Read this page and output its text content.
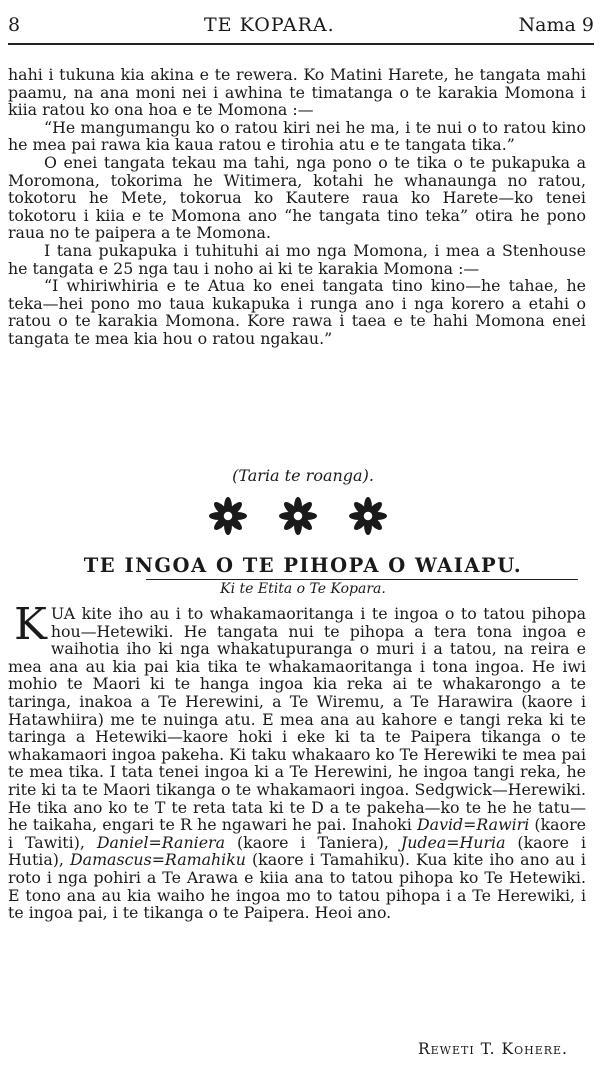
8	TE KOPARA.	Nama 9

hahi i tukuna kia akina e te rewera. Ko Matini Harete, he tangata mahi paamu, na ana moni nei i awhina te timatanga o te karakia Momona i kiia ratou ko ona hoa e te Momona :—

“He mangumangu ko o ratou kiri nei he ma, i te nui o to ratou kino he mea pai rawa kia kaua ratou e tirohia atu e te tangata tika.”

O enei tangata tekau ma tahi, nga pono o te tika o te pukapuka a Moromona, tokorima he Witimera, kotahi he whanaunga no ratou, tokotoru he Mete, tokorua ko Kautere raua ko Harete—ko tenei tokotoru i kiia e te Momona ano “he tangata tino teka” otira he pono raua no te paipera a te Momona.

I tana pukapuka i tuhituhi ai mo nga Momona, i mea a Stenhouse he tangata e 25 nga tau i noho ai ki te karakia Momona :—

“I whiriwhiria e te Atua ko enei tangata tino kino—he tahae, he teka—hei pono mo taua kukapuka i runga ano i nga korero a etahi o ratou o te karakia Momona. Kore rawa i taea e te hahi Momona enei tangata te mea kia hou o ratou ngakau.”

(Taria te roanga).
TE INGOA O TE PIHOPA O WAIAPU.
Ki te Etita o Te Kopara.

KUA kite iho au i to whakamaoritanga i te ingoa o to tatou pihopa hou—Hetewiki. He tangata nui te pihopa a tera tona ingoa e waihotia iho ki nga whakatupuranga o muri i a tatou, na reira e mea ana au kia pai kia tika te whakamaoritanga i tona ingoa. He iwi mohio te Maori ki te hanga ingoa kia reka ai te whakarongo a te taringa, inakoa a Te Herewini, a Te Wiremu, a Te Harawira (kaore i Hatawhiira) me te nuinga atu. E mea ana au kahore e tangi reka ki te taringa a Hetewiki—kaore hoki i eke ki ta te Paipera tikanga o te whakamaori ingoa pakeha. Ki taku whakaaro ko Te Herewiki te mea pai te mea tika. I tata tenei ingoa ki a Te Herewini, he ingoa tangi reka, he rite ki ta te Maori tikanga o te whakamaori ingoa. Sedgwick—Herewiki. He tika ano ko te T te reta tata ki te D a te pakeha—ko te he he tatu—he taikaha, engari te R he ngawari he pai. Inahoki David=Rawiri (kaore i Tawiti), Daniel=Raniera (kaore i Taniera), Judea=Huria (kaore i Hutia), Damascus=Ramahiku (kaore i Tamahiku). Kua kite iho ano au i roto i nga pohiri a Te Arawa e kiia ana to tatou pihopa ko Te Hetewiki. E tono ana au kia waiho he ingoa mo to tatou pihopa i a Te Herewiki, i te ingoa pai, i te tikanga o te Paipera. Heoi ano.

Reweti T. Kohere.
